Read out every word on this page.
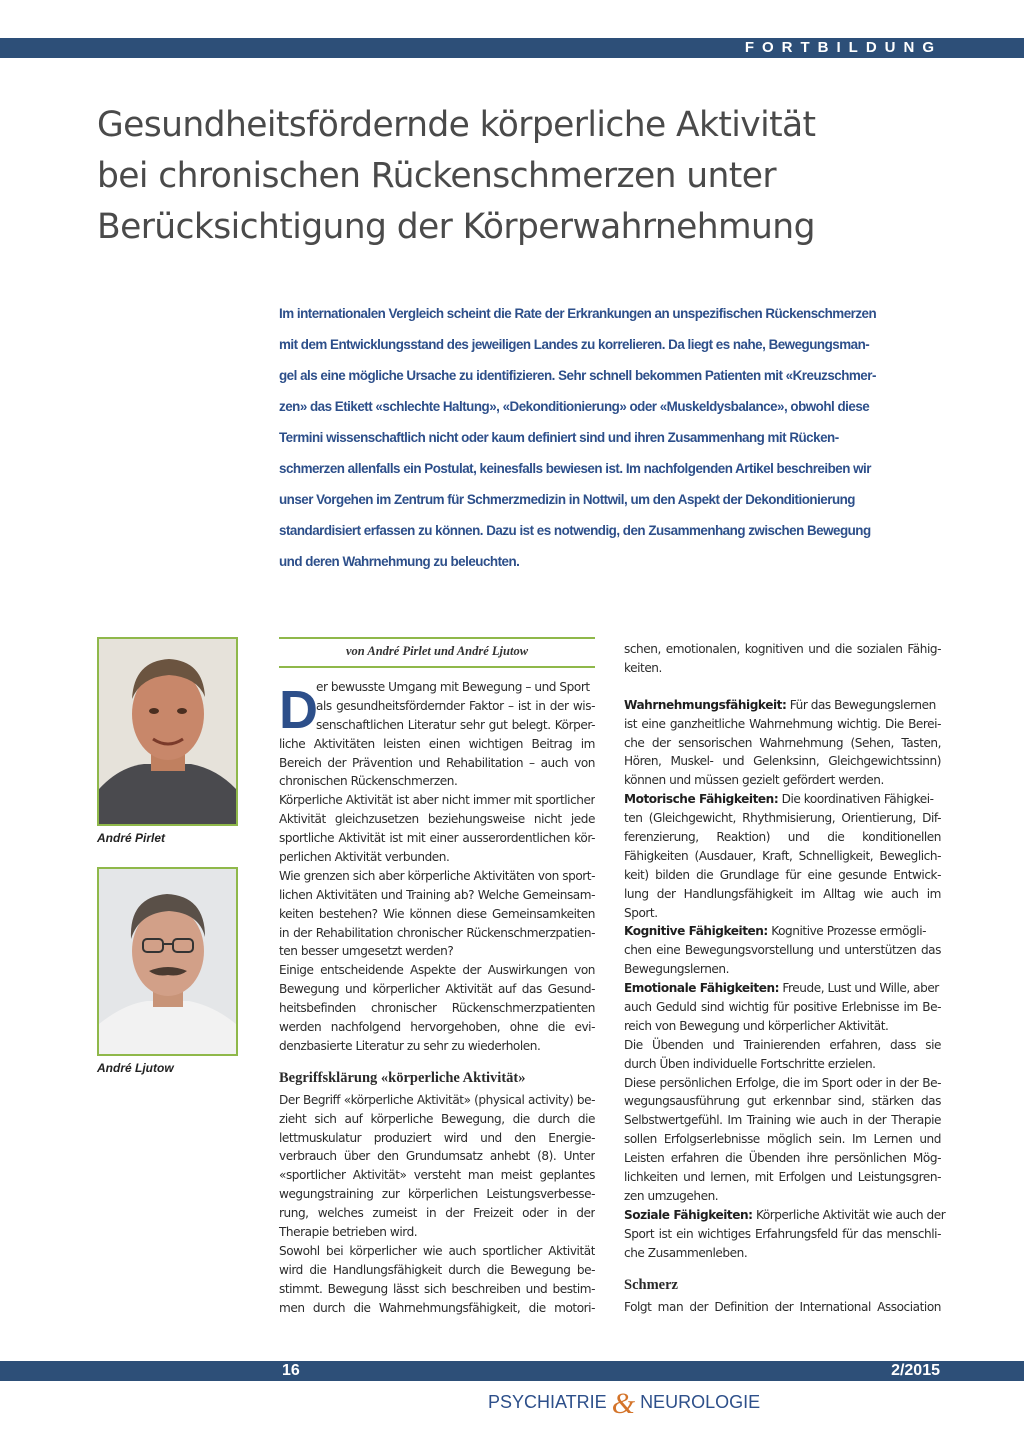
FORTBILDUNG
Gesundheitsfördernde körperliche Aktivität
bei chronischen Rückenschmerzen unter
Berücksichtigung der Körperwahrnehmung
Im internationalen Vergleich scheint die Rate der Erkrankungen an unspezifischen Rückenschmerzen
mit dem Entwicklungsstand des jeweiligen Landes zu korrelieren. Da liegt es nahe, Bewegungsman-
gel als eine mögliche Ursache zu identifizieren. Sehr schnell bekommen Patienten mit «Kreuzschmer-
zen» das Etikett «schlechte Haltung», «Dekonditionierung» oder «Muskeldysbalance», obwohl diese
Termini wissenschaftlich nicht oder kaum definiert sind und ihren Zusammenhang mit Rücken-
schmerzen allenfalls ein Postulat, keinesfalls bewiesen ist. Im nachfolgenden Artikel beschreiben wir
unser Vorgehen im Zentrum für Schmerzmedizin in Nottwil, um den Aspekt der Dekonditionierung
standardisiert erfassen zu können. Dazu ist es notwendig, den Zusammenhang zwischen Bewegung
und deren Wahrnehmung zu beleuchten.
André Pirlet
André Ljutow
von André Pirlet und André Ljutow
D
er bewusste Umgang mit Bewegung – und Sport
als gesundheitsfördernder Faktor – ist in der wis-
senschaftlichen Literatur sehr gut belegt. Körper-
liche Aktivitäten leisten einen wichtigen Beitrag im
Bereich der Prävention und Rehabilitation – auch von
chronischen Rückenschmerzen.
Körperliche Aktivität ist aber nicht immer mit sportlicher
Aktivität gleichzusetzen beziehungsweise nicht jede
sportliche Aktivität ist mit einer ausserordentlichen kör-
perlichen Aktivität verbunden.
Wie grenzen sich aber körperliche Aktivitäten von sport-
lichen Aktivitäten und Training ab? Welche Gemeinsam-
keiten bestehen? Wie können diese Gemeinsamkeiten
in der Rehabilitation chronischer Rückenschmerzpatien-
ten besser umgesetzt werden?
Einige entscheidende Aspekte der Auswirkungen von
Bewegung und körperlicher Aktivität auf das Gesund-
heitsbefinden chronischer Rückenschmerzpatienten
werden nachfolgend hervorgehoben, ohne die evi-
denzbasierte Literatur zu sehr zu wiederholen.
Begriffsklärung «körperliche Aktivität»
Der Begriff «körperliche Aktivität» (physical activity) be-
zieht sich auf körperliche Bewegung, die durch die
lettmuskulatur produziert wird und den Energie-
verbrauch über den Grundumsatz anhebt (8). Unter
«sportlicher Aktivität» versteht man meist geplantes
wegungstraining zur körperlichen Leistungsverbesse-
rung, welches zumeist in der Freizeit oder in der
Therapie betrieben wird.
Sowohl bei körperlicher wie auch sportlicher Aktivität
wird die Handlungsfähigkeit durch die Bewegung be-
stimmt. Bewegung lässt sich beschreiben und bestim-
men durch die Wahrnehmungsfähigkeit, die motori-
schen, emotionalen, kognitiven und die sozialen Fähig-
keiten.
Wahrnehmungsfähigkeit: Für das Bewegungslernen
ist eine ganzheitliche Wahrnehmung wichtig. Die Berei-
che der sensorischen Wahrnehmung (Sehen, Tasten,
Hören, Muskel- und Gelenksinn, Gleichgewichtssinn)
können und müssen gezielt gefördert werden.
Motorische Fähigkeiten: Die koordinativen Fähigkei-
ten (Gleichgewicht, Rhythmisierung, Orientierung, Dif-
ferenzierung, Reaktion) und die konditionellen
Fähigkeiten (Ausdauer, Kraft, Schnelligkeit, Beweglich-
keit) bilden die Grundlage für eine gesunde Entwick-
lung der Handlungsfähigkeit im Alltag wie auch im
Sport.
Kognitive Fähigkeiten: Kognitive Prozesse ermögli-
chen eine Bewegungsvorstellung und unterstützen das
Bewegungslernen.
Emotionale Fähigkeiten: Freude, Lust und Wille, aber
auch Geduld sind wichtig für positive Erlebnisse im Be-
reich von Bewegung und körperlicher Aktivität.
Die Übenden und Trainierenden erfahren, dass sie
durch Üben individuelle Fortschritte erzielen.
Diese persönlichen Erfolge, die im Sport oder in der Be-
wegungsausführung gut erkennbar sind, stärken das
Selbstwertgefühl. Im Training wie auch in der Therapie
sollen Erfolgserlebnisse möglich sein. Im Lernen und
Leisten erfahren die Übenden ihre persönlichen Mög-
lichkeiten und lernen, mit Erfolgen und Leistungsgren-
zen umzugehen.
Soziale Fähigkeiten: Körperliche Aktivität wie auch der
Sport ist ein wichtiges Erfahrungsfeld für das menschli-
che Zusammenleben.
Schmerz
Folgt man der Definition der International Association
16	2/2015
PSYCHIATRIE & NEUROLOGIE
